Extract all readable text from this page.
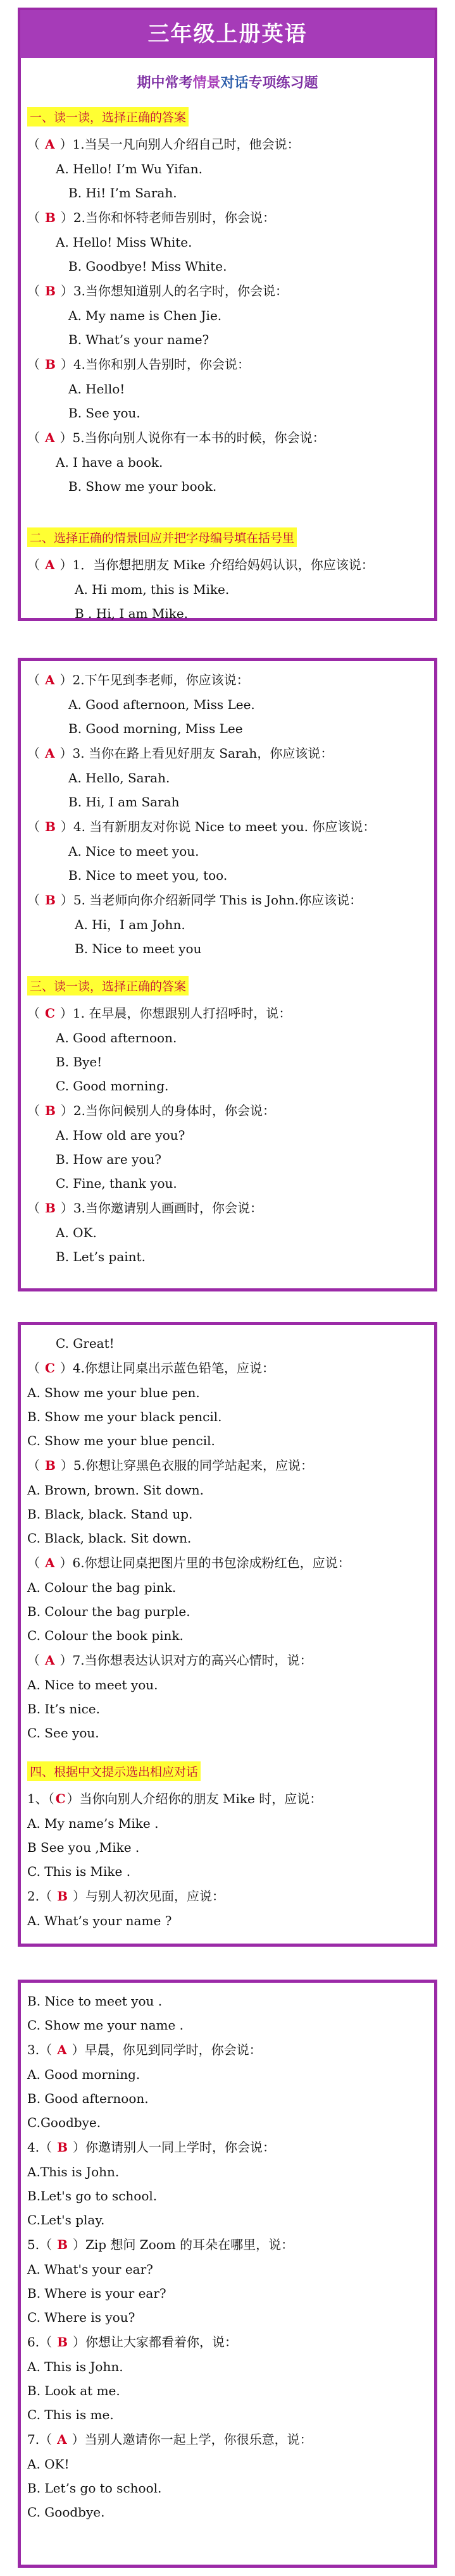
三年级上册英语
期中常考情景对话专项练习题
一、读一读，选择正确的答案
（ A ）1.当吴一凡向别人介绍自己时，他会说：
A. Hello! I’m Wu Yifan.
B. Hi! I’m Sarah.
（ B ）2.当你和怀特老师告别时，你会说：
A. Hello! Miss White.
B. Goodbye! Miss White.
（ B ）3.当你想知道别人的名字时，你会说：
A. My name is Chen Jie.
B. What’s your name?
（ B ）4.当你和别人告别时，你会说：
A. Hello!
B. See you.
（ A ）5.当你向别人说你有一本书的时候，你会说：
A. I have a book.
B. Show me your book.
二、选择正确的情景回应并把字母编号填在括号里
（ A ）1．当你想把朋友 Mike 介绍给妈妈认识，你应该说：
A. Hi mom, this is Mike.
B . Hi, I am Mike.
（ A ）2.下午见到李老师，你应该说：
A. Good afternoon, Miss Lee.
B. Good morning, Miss Lee
（ A ）3. 当你在路上看见好朋友 Sarah，你应该说：
A. Hello, Sarah.
B. Hi, I am Sarah
（ B ）4. 当有新朋友对你说 Nice to meet you. 你应该说：
A. Nice to meet you.
B. Nice to meet you, too.
（ B ）5. 当老师向你介绍新同学 This is John.你应该说：
A. Hi，I am John.
B. Nice to meet you
三、读一读，选择正确的答案
（ C ）1. 在早晨，你想跟别人打招呼时，说：
A. Good afternoon.
B. Bye!
C. Good morning.
（ B ）2.当你问候别人的身体时，你会说：
A. How old are you?
B. How are you?
C. Fine, thank you.
（ B ）3.当你邀请别人画画时，你会说：
A. OK.
B. Let’s paint.
C. Great!
（ C ）4.你想让同桌出示蓝色铅笔，应说：
A. Show me your blue pen.
B. Show me your black pencil.
C. Show me your blue pencil.
（ B ）5.你想让穿黑色衣服的同学站起来，应说：
A. Brown, brown. Sit down.
B. Black, black. Stand up.
C. Black, black. Sit down.
（ A ）6.你想让同桌把图片里的书包涂成粉红色，应说：
A. Colour the bag pink.
B. Colour the bag purple.
C. Colour the book pink.
（ A ）7.当你想表达认识对方的高兴心情时，说：
A. Nice to meet you.
B. It’s nice.
C. See you.
四、根据中文提示选出相应对话
1、（ C ）当你向别人介绍你的朋友 Mike 时，应说：
A. My name’s Mike .
B See you ,Mike .
C. This is Mike .
2.（ B ）与别人初次见面，应说：
A. What’s your name ?
B. Nice to meet you .
C. Show me your name .
3.（ A ）早晨，你见到同学时，你会说：
A. Good morning.
B. Good afternoon.
C.Goodbye.
4.（ B ）你邀请别人一同上学时，你会说：
A.This is John.
B.Let's go to school.
C.Let's play.
5.（ B ）Zip 想问 Zoom 的耳朵在哪里，说：
A. What's your ear?
B. Where is your ear?
C. Where is you?
6.（ B ）你想让大家都看着你，说：
A. This is John.
B. Look at me.
C. This is me.
7.（ A ）当别人邀请你一起上学，你很乐意，说：
A. OK!
B. Let’s go to school.
C. Goodbye.
